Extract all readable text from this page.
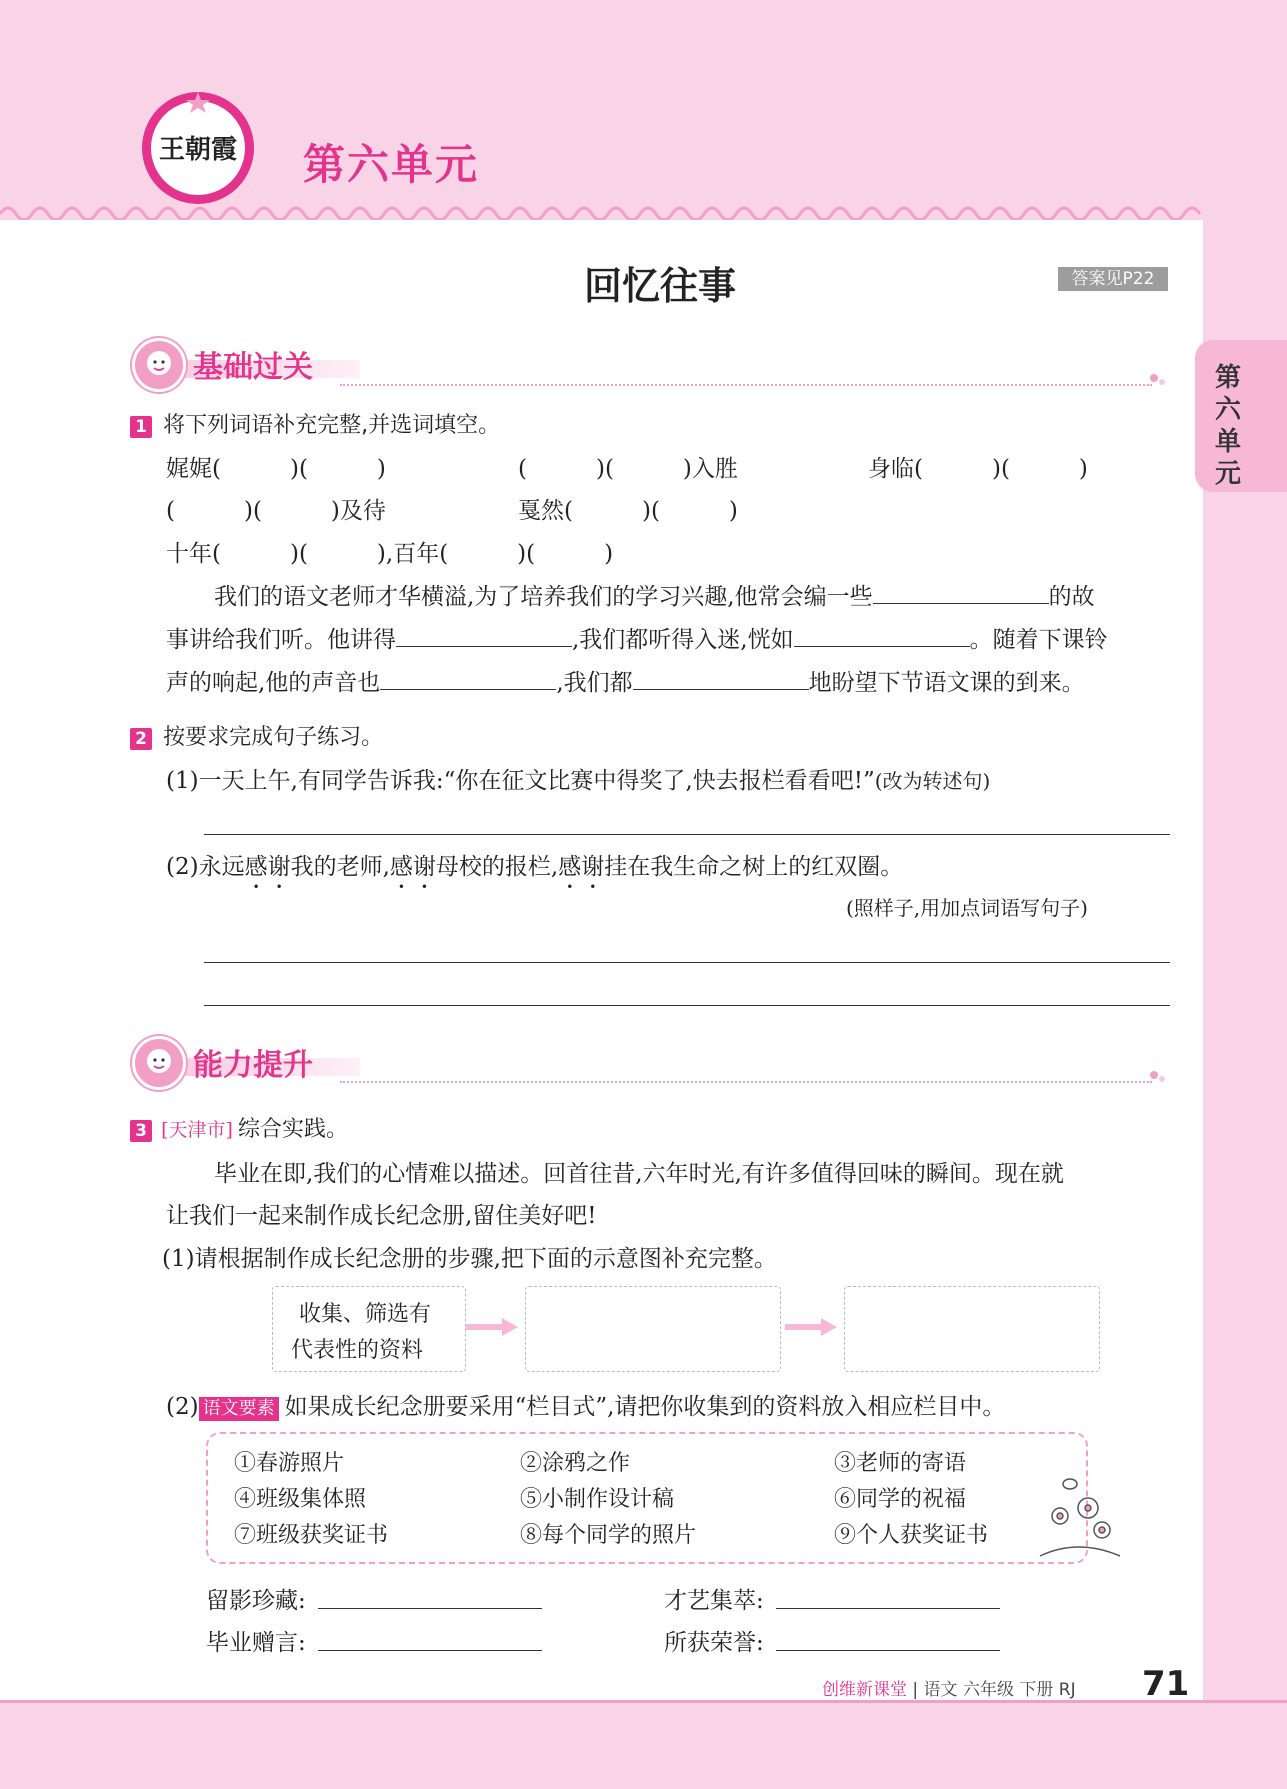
王朝霞 第六单元
第六单元
回忆往事	答案见P22
基础过关
1 将下列词语补充完整,并选词填空。
娓娓(　　　)(　　　)	(　　　)(　　　)入胜	身临(　　　)(　　　)
(　　　)(　　　)及待	戛然(　　　)(　　　)
十年(　　　)(　　　),百年(　　　)(　　　)
我们的语文老师才华横溢,为了培养我们的学习兴趣,他常会编一些	的故
事讲给我们听。他讲得	,我们都听得入迷,恍如	。随着下课铃
声的响起,他的声音也	,我们都	地盼望下节语文课的到来。
2 按要求完成句子练习。
(1)一天上午,有同学告诉我:“你在征文比赛中得奖了,快去报栏看看吧!”(改为转述句)
(2)永远感谢我的老师,感谢母校的报栏,感谢挂在我生命之树上的红双圈。
(照样子,用加点词语写句子)
能力提升
3 [天津市] 综合实践。
毕业在即,我们的心情难以描述。回首往昔,六年时光,有许多值得回味的瞬间。现在就
让我们一起来制作成长纪念册,留住美好吧!
(1)请根据制作成长纪念册的步骤,把下面的示意图补充完整。
收集、筛选有
代表性的资料
(2) 语文要素 如果成长纪念册要采用“栏目式”,请把你收集到的资料放入相应栏目中。
①春游照片	②涂鸦之作	③老师的寄语
④班级集体照	⑤小制作设计稿	⑥同学的祝福
⑦班级获奖证书	⑧每个同学的照片	⑨个人获奖证书
留影珍藏:	才艺集萃:
毕业赠言:	所获荣誉:
创维新课堂 | 语文 六年级 下册 RJ 71
